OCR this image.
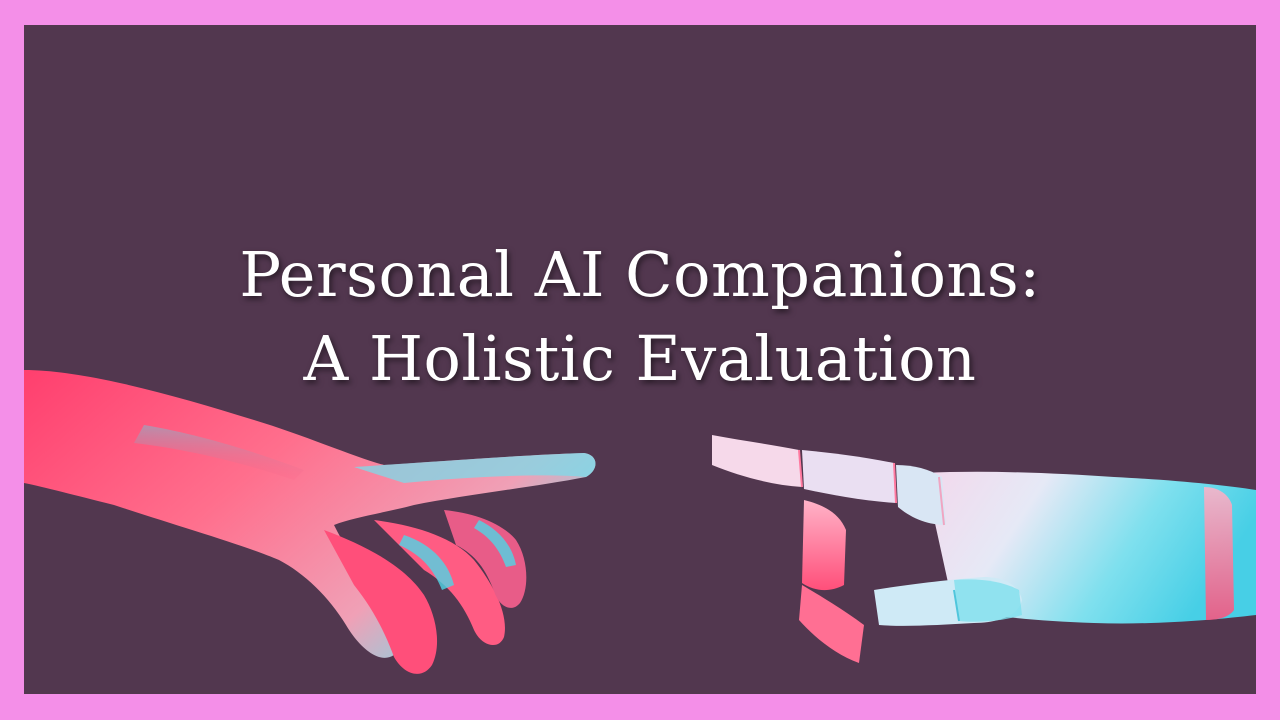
Personal AI Companions:
A Holistic Evaluation
